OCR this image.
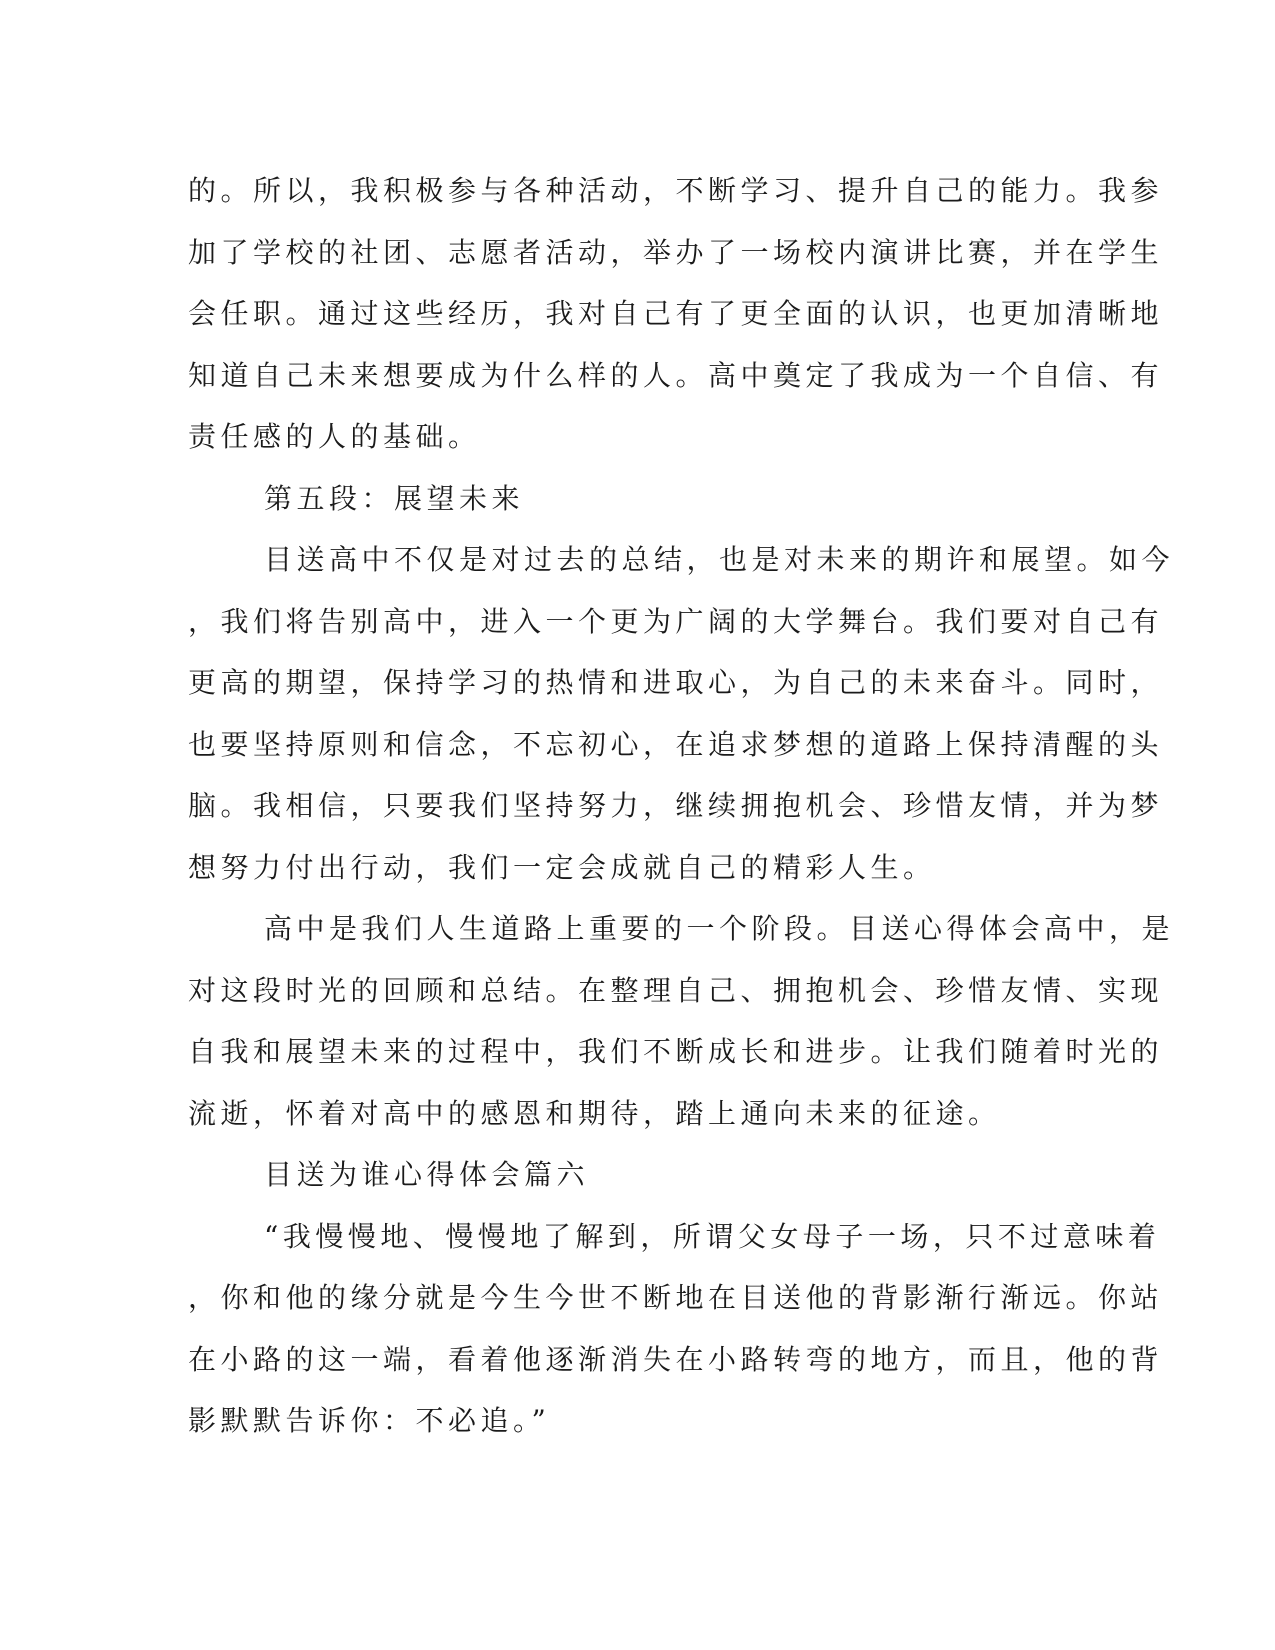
的。所以，我积极参与各种活动，不断学习、提升自己的能力。我参
加了学校的社团、志愿者活动，举办了一场校内演讲比赛，并在学生
会任职。通过这些经历，我对自己有了更全面的认识，也更加清晰地
知道自己未来想要成为什么样的人。高中奠定了我成为一个自信、有
责任感的人的基础。
第五段：展望未来
目送高中不仅是对过去的总结，也是对未来的期许和展望。如今
，我们将告别高中，进入一个更为广阔的大学舞台。我们要对自己有
更高的期望，保持学习的热情和进取心，为自己的未来奋斗。同时，
也要坚持原则和信念，不忘初心，在追求梦想的道路上保持清醒的头
脑。我相信，只要我们坚持努力，继续拥抱机会、珍惜友情，并为梦
想努力付出行动，我们一定会成就自己的精彩人生。
高中是我们人生道路上重要的一个阶段。目送心得体会高中，是
对这段时光的回顾和总结。在整理自己、拥抱机会、珍惜友情、实现
自我和展望未来的过程中，我们不断成长和进步。让我们随着时光的
流逝，怀着对高中的感恩和期待，踏上通向未来的征途。
目送为谁心得体会篇六
“我慢慢地、慢慢地了解到，所谓父女母子一场，只不过意味着
，你和他的缘分就是今生今世不断地在目送他的背影渐行渐远。你站
在小路的这一端，看着他逐渐消失在小路转弯的地方，而且，他的背
影默默告诉你：不必追。”
